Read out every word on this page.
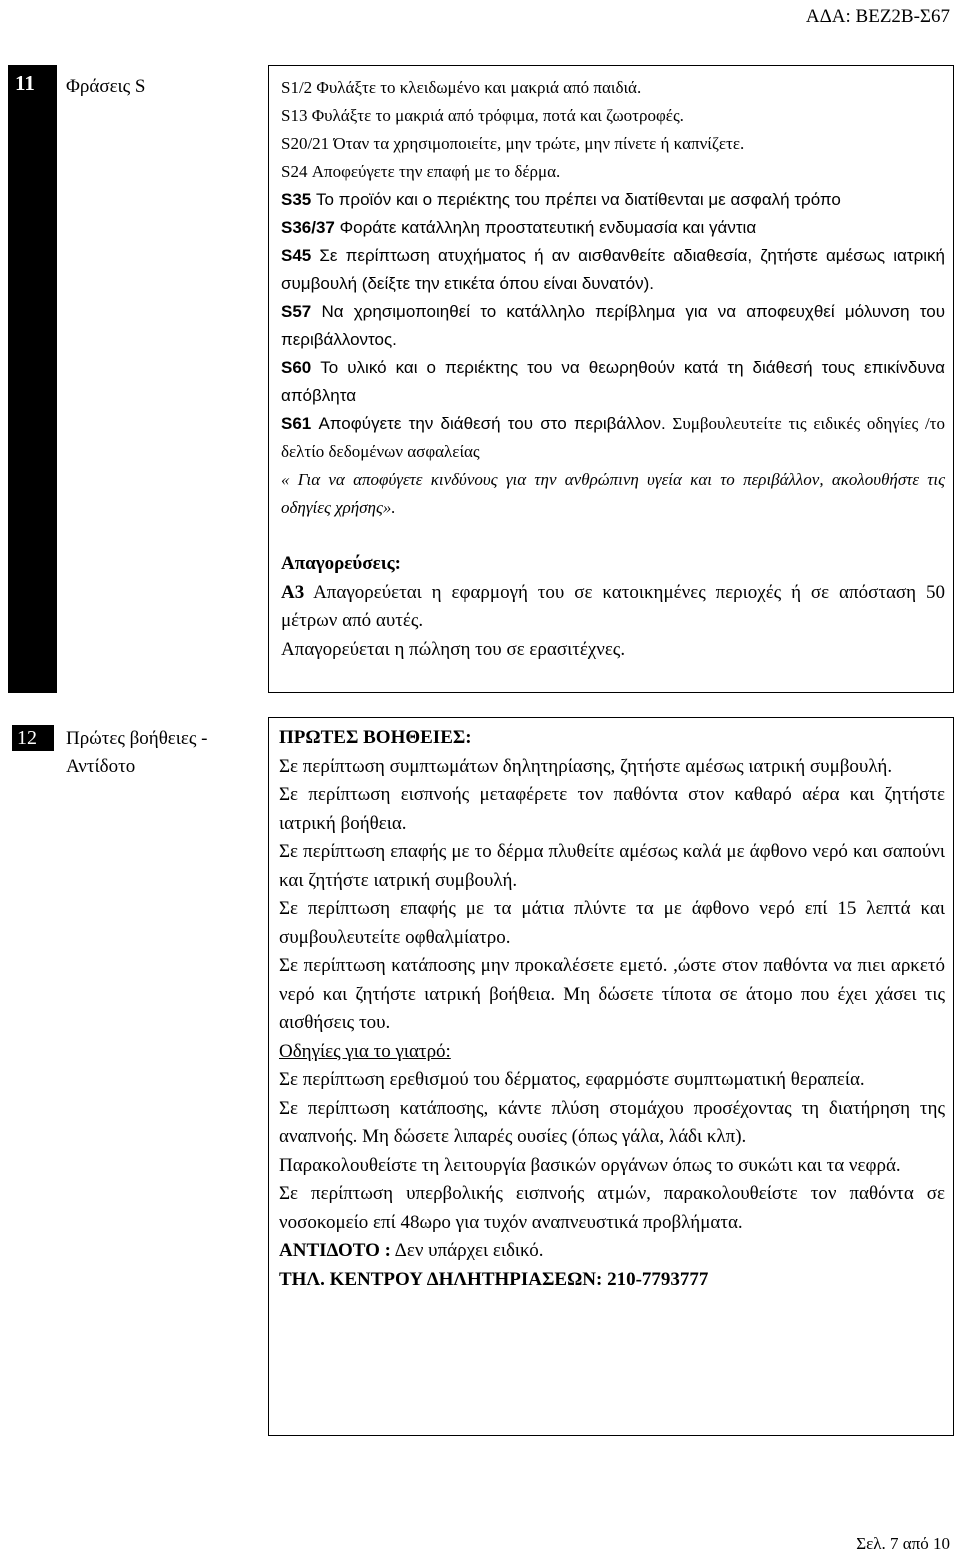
ΑΔΑ: ΒΕΖ2Β-Σ67
11 Φράσεις S	S1/2 Φυλάξτε το κλειδωμένο και μακριά από παιδιά.
S13 Φυλάξτε το μακριά από τρόφιμα, ποτά και ζωοτροφές.
S20/21 Όταν τα χρησιμοποιείτε, μην τρώτε, μην πίνετε ή καπνίζετε.
S24 Αποφεύγετε την επαφή με το δέρμα.
S35 Το προϊόν και ο περιέκτης του πρέπει να διατίθενται με ασφαλή τρόπο
S36/37 Φοράτε κατάλληλη προστατευτική ενδυμασία και γάντια
S45 Σε περίπτωση ατυχήματος ή αν αισθανθείτε αδιαθεσία, ζητήστε αμέσως ιατρική συμβουλή (δείξτε την ετικέτα όπου είναι δυνατόν).
S57 Να χρησιμοποιηθεί το κατάλληλο περίβλημα για να αποφευχθεί μόλυνση του περιβάλλοντος.
S60 Το υλικό και ο περιέκτης του να θεωρηθούν κατά τη διάθεσή τους επικίνδυνα απόβλητα
S61 Αποφύγετε την διάθεσή του στο περιβάλλον. Συμβουλευτείτε τις ειδικές οδηγίες /το δελτίο δεδομένων ασφαλείας
« Για να αποφύγετε κινδύνους για την ανθρώπινη υγεία και το περιβάλλον, ακολουθήστε τις οδηγίες χρήσης».
Απαγορεύσεις:
Α3 Απαγορεύεται η εφαρμογή του σε κατοικημένες περιοχές ή σε απόσταση 50 μέτρων από αυτές.
Απαγορεύεται η πώληση του σε ερασιτέχνες.
12 Πρώτες βοήθειες - Αντίδοτο
ΠΡΩΤΕΣ ΒΟΗΘΕΙΕΣ:
Σε περίπτωση συμπτωμάτων δηλητηρίασης, ζητήστε αμέσως ιατρική συμβουλή.
Σε περίπτωση εισπνοής μεταφέρετε τον παθόντα στον καθαρό αέρα και ζητήστε ιατρική βοήθεια.
Σε περίπτωση επαφής με το δέρμα πλυθείτε αμέσως καλά με άφθονο νερό και σαπούνι και ζητήστε ιατρική συμβουλή.
Σε περίπτωση επαφής με τα μάτια πλύντε τα με άφθονο νερό επί 15 λεπτά και συμβουλευτείτε οφθαλμίατρο.
Σε περίπτωση κατάποσης μην προκαλέσετε εμετό. ,ώστε στον παθόντα να πιει αρκετό νερό και ζητήστε ιατρική βοήθεια. Μη δώσετε τίποτα σε άτομο που έχει χάσει τις αισθήσεις του.
Οδηγίες για το γιατρό:
Σε περίπτωση ερεθισμού του δέρματος, εφαρμόστε συμπτωματική θεραπεία.
Σε περίπτωση κατάποσης, κάντε πλύση στομάχου προσέχοντας τη διατήρηση της αναπνοής. Μη δώσετε λιπαρές ουσίες (όπως γάλα, λάδι κλπ).
Παρακολουθείστε τη λειτουργία βασικών οργάνων όπως το συκώτι και τα νεφρά.
Σε περίπτωση υπερβολικής εισπνοής ατμών, παρακολουθείστε τον παθόντα σε νοσοκομείο επί 48ωρο για τυχόν αναπνευστικά προβλήματα.
ΑΝΤΙΔΟΤΟ : Δεν υπάρχει ειδικό.
ΤΗΛ. ΚΕΝΤΡΟΥ ΔΗΛΗΤΗΡΙΑΣΕΩΝ: 210-7793777
Σελ. 7 από 10
